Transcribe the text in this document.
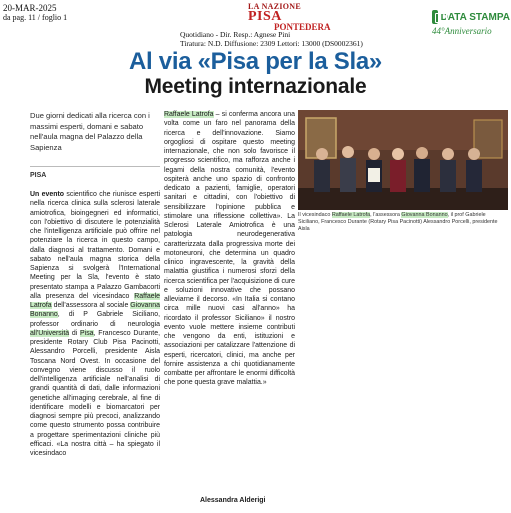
20-MAR-2025
da pag. 11 / foglio 1
LA NAZIONE
PISA
PONTEDERA
Quotidiano - Dir. Resp.: Agnese Pini
Tiratura: N.D. Diffusione: 2309 Lettori: 13000 (DS0002361)
DATA STAMPA
44°Anniversario
Al via «Pisa per la Sla»
Meeting internazionale
Due giorni dedicati alla ricerca con i massimi esperti, domani e sabato nell'aula magna del Palazzo della Sapienza
PISA
Un evento scientifico che riunisce esperti nella ricerca clinica sulla sclerosi laterale amiotrofica, bioingegneri ed informatici, con l'obiettivo di discutere le potenzialità che l'intelligenza artificiale può offrire nel potenziare la ricerca in questo campo, dalla diagnosi al trattamento. Domani e sabato nell'aula magna storica della Sapienza si svolgerà l'International Meeting per la Sla, l'evento è stato presentato stampa a Palazzo Gambacorti alla presenza del vicesindaco Raffaele Latrofa dell'assessora al sociale Giovanna Bonanno, di P Gabriele Siciliano, professor ordinario di neurologia all'Università di Pisa, Francesco Durante, presidente Rotary Club Pisa Pacinotti, Alessandro Porcelli, presidente Aisla Toscana Nord Ovest. In occasione del convegno viene discusso il ruolo dell'intelligenza artificiale nell'analisi di grandi quantità di dati, dalle informazioni genetiche all'imaging cerebrale, al fine di identificare modelli e biomarcatori per diagnosi sempre più precoci, analizzando come questo strumento possa contribuire a progettare sperimentazioni cliniche più efficaci. «La nostra città – ha spiegato il vicesindaco
Raffaele Latrofa – si conferma ancora una volta come un faro nel panorama della ricerca e dell'innovazione. Siamo orgogliosi di ospitare questo meeting internazionale, che non solo favorisce il progresso scientifico, ma rafforza anche i legami della nostra comunità, l'evento ospiterà anche uno spazio di confronto dedicato a pazienti, famiglie, operatori sanitari e cittadini, con l'obiettivo di sensibilizzare l'opinione pubblica e stimolare una riflessione collettiva». La Sclerosi Laterale Amiotrofica è una patologia neurodegenerativa caratterizzata dalla progressiva morte dei motoneuroni, che determina un quadro clinico ingravescente, la gravità della malattia giustifica i numerosi sforzi della ricerca scientifica per l'acquisizione di cure e soluzioni innovative che possano alleviarne il decorso. «In Italia si contano circa mille nuovi casi all'anno» ha ricordato il professor Siciliano» il nostro evento vuole mettere insieme contributi che vengono da enti, istituzioni e associazioni per catalizzare l'attenzione di esperti, ricercatori, clinici, ma anche per fornire assistenza a chi quotidianamente combatte per affrontare le enormi difficoltà che pone questa grave malattia.»
Alessandra Alderigi
Il vicesindaco Raffaele Latrofa, l'assessora Giovanna Bonanno, il prof Gabriele Siciliano, Francesco Durante (Rotary Pisa Pacinotti) Alessandro Porcelli, presidente Aisla
